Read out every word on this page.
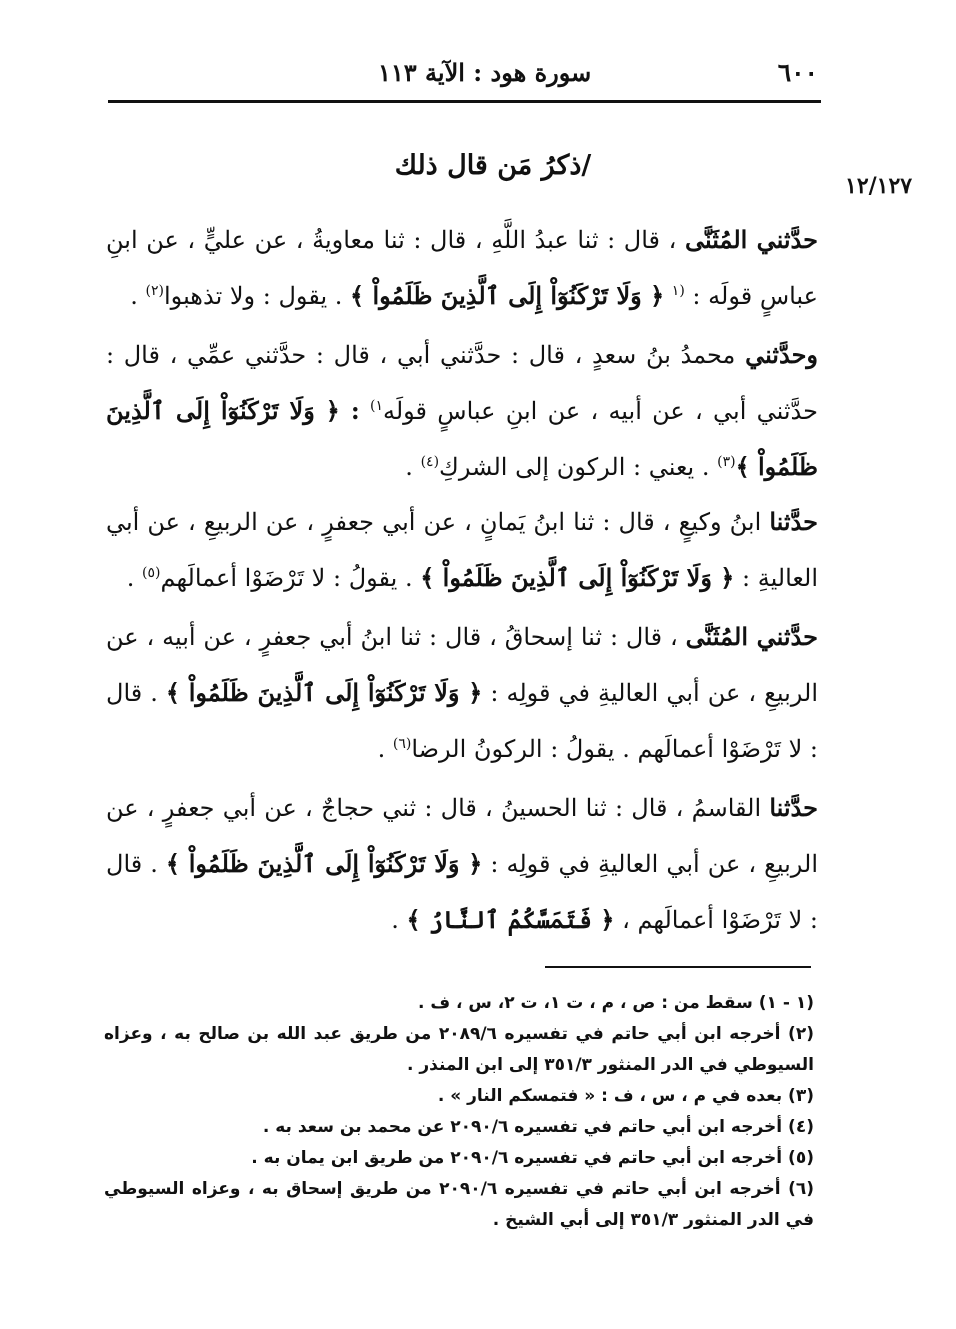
٦٠٠
سورة هود : الآية ١١٣
١٢/١٢٧
/ذكرُ مَن قال ذلك

حدَّثني المُثَنَّى ، قال : ثنا عبدُ اللَّهِ ، قال : ثنا معاويةُ ، عن عليٍّ ، عن ابنِ عباسٍ قولَه : $^{(١}$ ﴿ وَلَا تَرْكَنُوٓاْ إِلَى ٱلَّذِينَ ظَلَمُواْ ﴾ . يقول : ولا تذهبوا$^{(٢)}$ .

وحدَّثني محمدُ بنُ سعدٍ ، قال : حدَّثني أبي ، قال : حدَّثني عمِّي ، قال : حدَّثني أبي ، عن أبيه ، عن ابنِ عباسٍ قولَه$^{١)}$ : ﴿ وَلَا تَرْكَنُوٓاْ إِلَى ٱلَّذِينَ ظَلَمُواْ ﴾$^{(٣)}$ . يعني : الركون إلى الشركِ$^{(٤)}$ .

حدَّثنا ابنُ وكيعٍ ، قال : ثنا ابنُ يَمانٍ ، عن أبي جعفرٍ ، عن الربيعِ ، عن أبي العاليةِ : ﴿ وَلَا تَرْكَنُوٓاْ إِلَى ٱلَّذِينَ ظَلَمُواْ ﴾ . يقولُ : لا تَرْضَوْا أعمالَهم$^{(٥)}$ .

حدَّثني المُثَنَّى ، قال : ثنا إسحاقُ ، قال : ثنا ابنُ أبي جعفرٍ ، عن أبيه ، عن الربيعِ ، عن أبي العاليةِ في قولِه : ﴿ وَلَا تَرْكَنُوٓاْ إِلَى ٱلَّذِينَ ظَلَمُواْ ﴾ . قال : لا تَرْضَوْا أعمالَهم . يقولُ : الركونُ الرضا$^{(٦)}$ .

حدَّثنا القاسمُ ، قال : ثنا الحسينُ ، قال : ثني حجاجٌ ، عن أبي جعفرٍ ، عن الربيعِ ، عن أبي العاليةِ في قولِه : ﴿ وَلَا تَرْكَنُوٓاْ إِلَى ٱلَّذِينَ ظَلَمُواْ ﴾ . قال : لا تَرْضَوْا أعمالَهم ، ﴿ فَتَمَسَّكُمُ ٱلنَّارُ ﴾ .

(١ - ١) سقط من : ص ، م ، ت ١، ت ٢، س ، ف .

(٢) أخرجه ابن أبي حاتم في تفسيره ٢٠٨٩/٦ من طريق عبد الله بن صالح به ، وعزاه السيوطي في الدر المنثور ٣٥١/٣ إلى ابن المنذر .

(٣) بعده في م ، س ، ف : « فتمسكم النار » .

(٤) أخرجه ابن أبي حاتم في تفسيره ٢٠٩٠/٦ عن محمد بن سعد به .

(٥) أخرجه ابن أبي حاتم في تفسيره ٢٠٩٠/٦ من طريق ابن يمان به .

(٦) أخرجه ابن أبي حاتم في تفسيره ٢٠٩٠/٦ من طريق إسحاق به ، وعزاه السيوطي في الدر المنثور ٣٥١/٣ إلى أبي الشيخ .
